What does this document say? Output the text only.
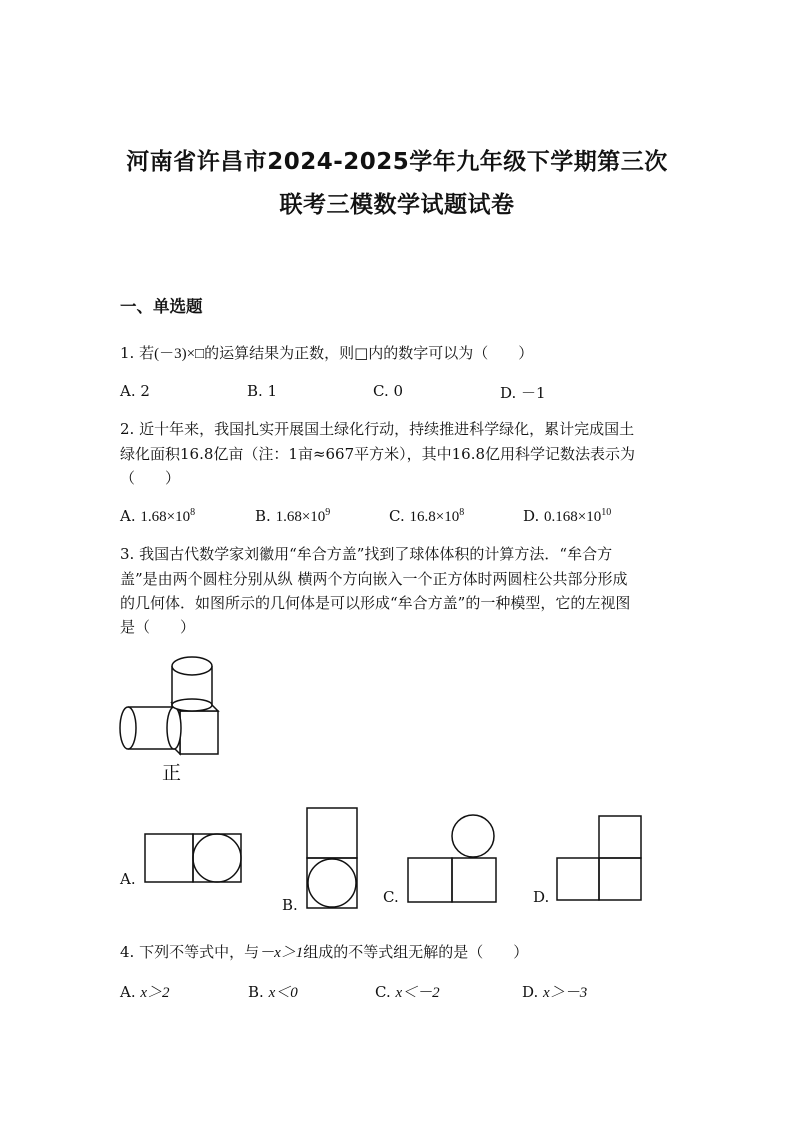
河南省许昌市2024-2025学年九年级下学期第三次
联考三模数学试题试卷
一、单选题
1. 若(－3)×□的运算结果为正数，则□内的数字可以为（　　）
A. 2	B. 1	C. 0	D. －1
2. 近十年来，我国扎实开展国土绿化行动，持续推进科学绿化，累计完成国土
绿化面积16.8亿亩（注：1亩≈667平方米），其中16.8亿用科学记数法表示为
（　　）
A. $1.68\times 10^8$	B. $1.68\times 10^9$	C. $16.8\times 10^8$	D. $0.168\times 10^{10}$
3. 我国古代数学家刘徽用“牟合方盖”找到了球体体积的计算方法．“牟合方
盖”是由两个圆柱分别从纵 横两个方向嵌入一个正方体时两圆柱公共部分形成
的几何体．如图所示的几何体是可以形成“牟合方盖”的一种模型，它的左视图
是（　　）
正
A.
B.	C.	D.
4. 下列不等式中，与－x＞1组成的不等式组无解的是（　　）
A. x＞2	B. x＜0	C. x＜－2	D. x＞－3
